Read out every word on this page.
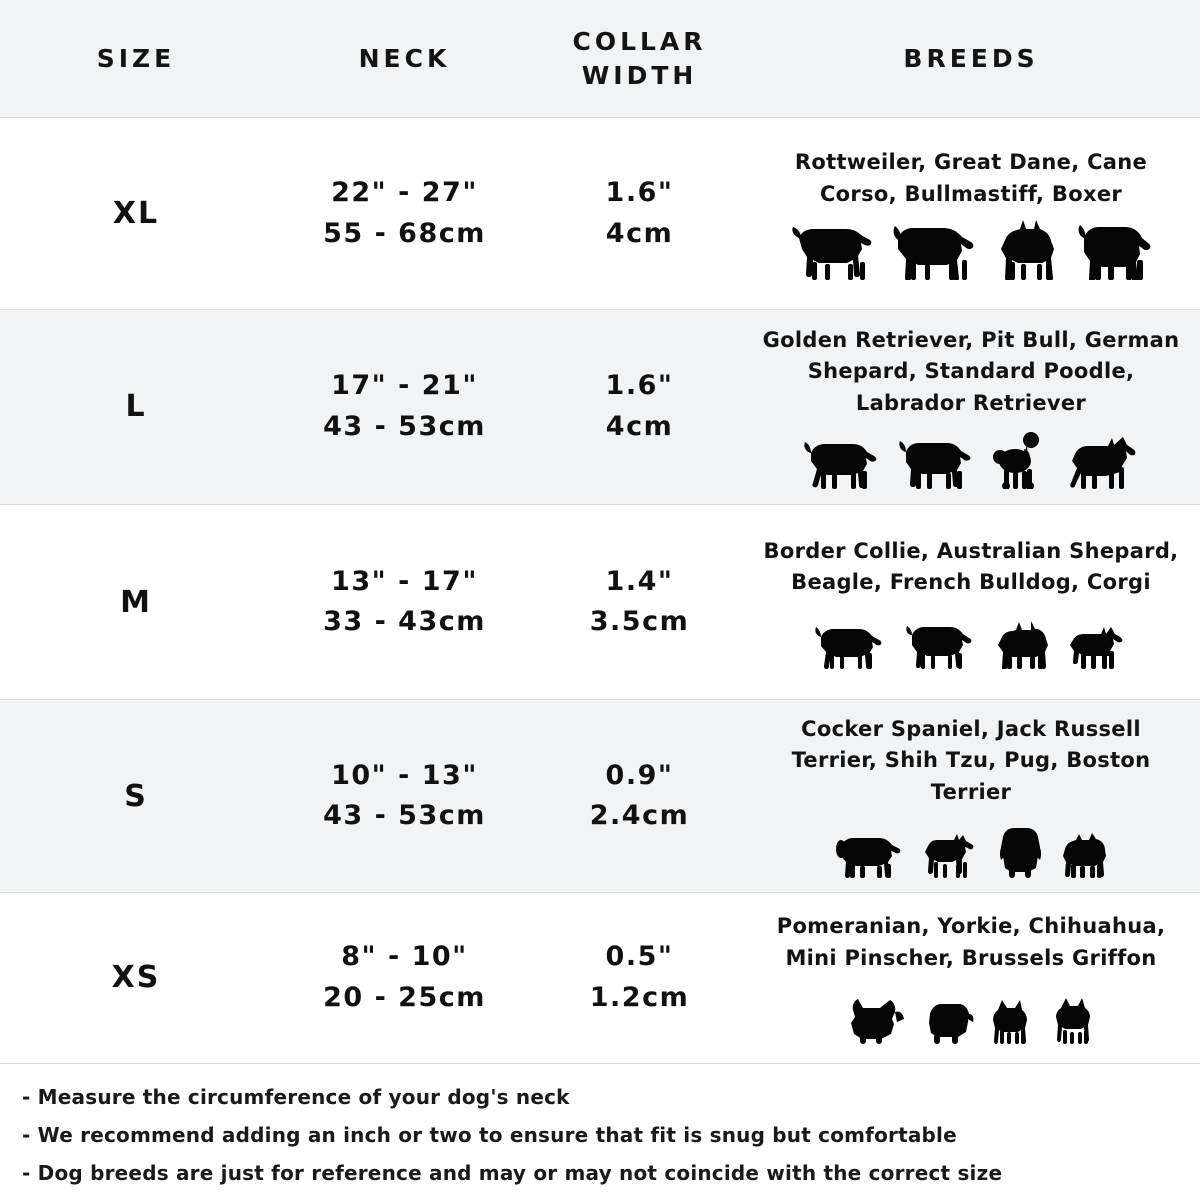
SIZE	NECK
COLLAR
WIDTH
BREEDS
XL

22" - 27"

55 - 68cm

1.6"

4cm

Rottweiler, Great Dane, Cane Corso, Bullmastiff, Boxer
L

17" - 21"

43 - 53cm

1.6"

4cm

Golden Retriever, Pit Bull, German Shepard, Standard Poodle, Labrador Retriever
M

13" - 17"

33 - 43cm

1.4"

3.5cm

Border Collie, Australian Shepard, Beagle, French Bulldog, Corgi
S

10" - 13"

43 - 53cm

0.9"

2.4cm

Cocker Spaniel, Jack Russell Terrier, Shih Tzu, Pug, Boston Terrier
XS

8" - 10"

20 - 25cm

0.5"

1.2cm

Pomeranian, Yorkie, Chihuahua, Mini Pinscher, Brussels Griffon
- Measure the circumference of your dog's neck
- We recommend adding an inch or two to ensure that fit is snug but comfortable
- Dog breeds are just for reference and may or may not coincide with the correct size
